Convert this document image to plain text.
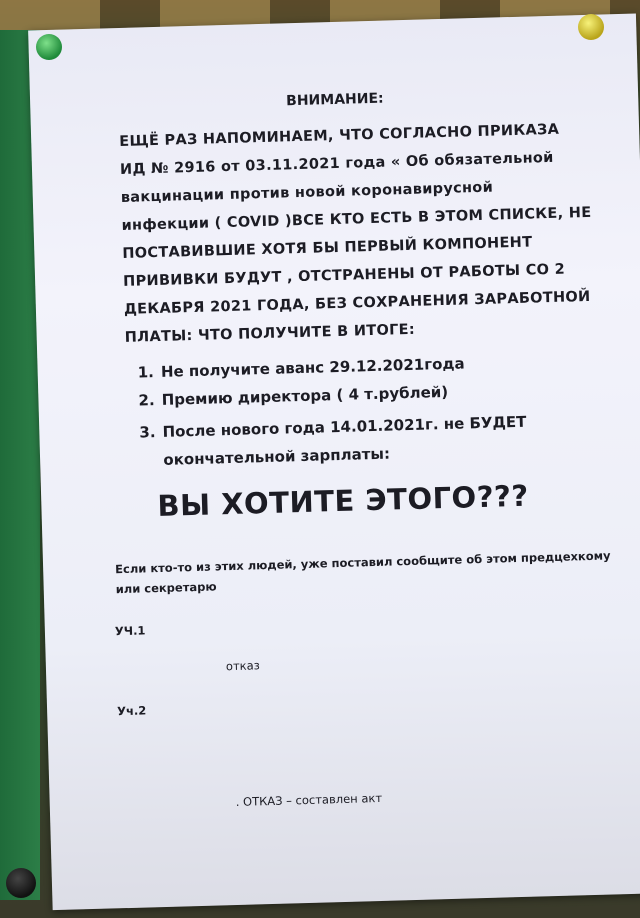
ВНИМАНИЕ:
ЕЩЁ РАЗ НАПОМИНАЕМ, ЧТО СОГЛАСНО ПРИКАЗА
ИД № 2916 от 03.11.2021 года « Об обязательной
вакцинации против новой коронавирусной
инфекции ( COVID )ВСЕ КТО ЕСТЬ В ЭТОМ СПИСКЕ, НЕ
ПОСТАВИВШИЕ ХОТЯ БЫ ПЕРВЫЙ КОМПОНЕНТ
ПРИВИВКИ БУДУТ , ОТСТРАНЕНЫ ОТ РАБОТЫ СО 2
ДЕКАБРЯ 2021 ГОДА, БЕЗ СОХРАНЕНИЯ ЗАРАБОТНОЙ
ПЛАТЫ: ЧТО ПОЛУЧИТЕ В ИТОГЕ:
1. Не получите аванс 29.12.2021года
2. Премию директора ( 4 т.рублей)
3. После нового года 14.01.2021г. не БУДЕТ
окончательной зарплаты:
ВЫ ХОТИТЕ ЭТОГО???
Если кто-то из этих людей, уже поставил сообщите об этом предцехкому
или секретарю
УЧ.1
отказ
Уч.2
. ОТКАЗ – составлен акт
